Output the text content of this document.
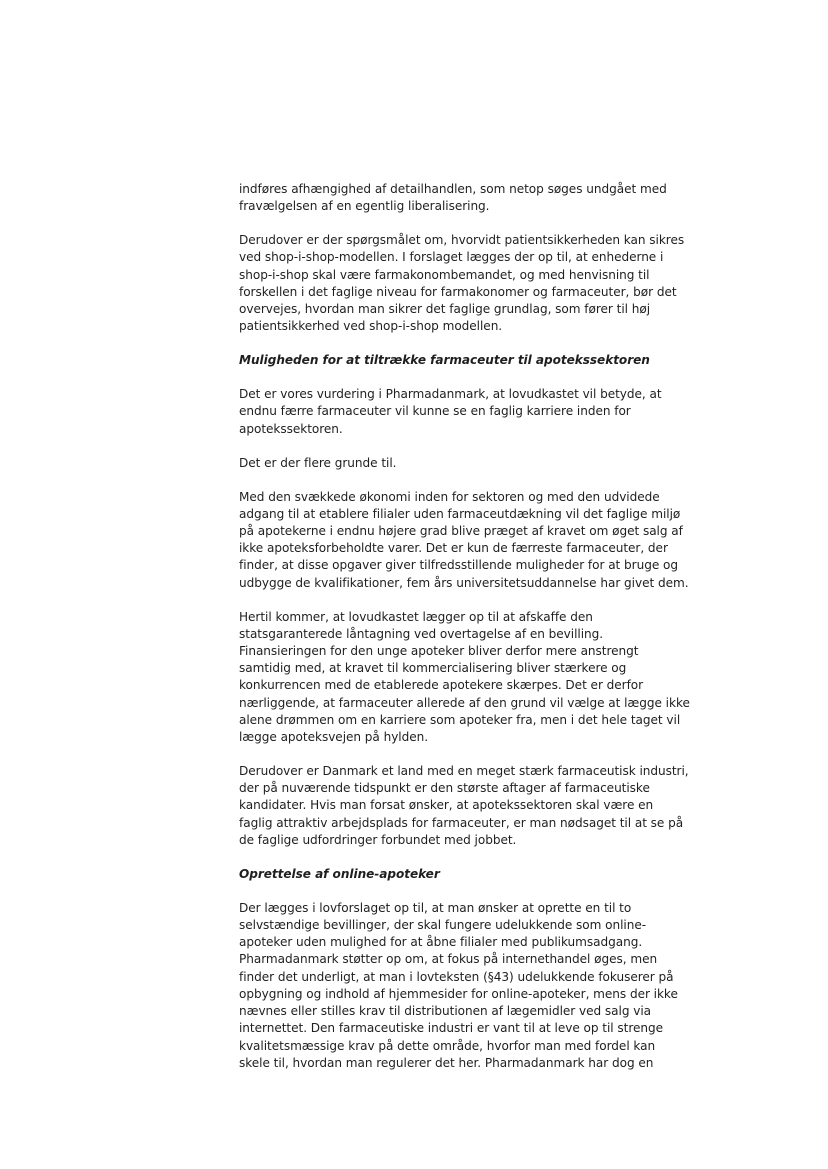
indføres afhængighed af detailhandlen, som netop søges undgået med
fravælgelsen af en egentlig liberalisering.

Derudover er der spørgsmålet om, hvorvidt patientsikkerheden kan sikres
ved shop-i-shop-modellen. I forslaget lægges der op til, at enhederne i
shop-i-shop skal være farmakonombemandet, og med henvisning til
forskellen i det faglige niveau for farmakonomer og farmaceuter, bør det
overvejes, hvordan man sikrer det faglige grundlag, som fører til høj
patientsikkerhed ved shop-i-shop modellen.

Muligheden for at tiltrække farmaceuter til apotekssektoren

Det er vores vurdering i Pharmadanmark, at lovudkastet vil betyde, at
endnu færre farmaceuter vil kunne se en faglig karriere inden for
apotekssektoren.

Det er der flere grunde til.

Med den svækkede økonomi inden for sektoren og med den udvidede
adgang til at etablere filialer uden farmaceutdækning vil det faglige miljø
på apotekerne i endnu højere grad blive præget af kravet om øget salg af
ikke apoteksforbeholdte varer. Det er kun de færreste farmaceuter, der
finder, at disse opgaver giver tilfredsstillende muligheder for at bruge og
udbygge de kvalifikationer, fem års universitetsuddannelse har givet dem.

Hertil kommer, at lovudkastet lægger op til at afskaffe den
statsgaranterede låntagning ved overtagelse af en bevilling.
Finansieringen for den unge apoteker bliver derfor mere anstrengt
samtidig med, at kravet til kommercialisering bliver stærkere og
konkurrencen med de etablerede apotekere skærpes. Det er derfor
nærliggende, at farmaceuter allerede af den grund vil vælge at lægge ikke
alene drømmen om en karriere som apoteker fra, men i det hele taget vil
lægge apoteksvejen på hylden.

Derudover er Danmark et land med en meget stærk farmaceutisk industri,
der på nuværende tidspunkt er den største aftager af farmaceutiske
kandidater. Hvis man forsat ønsker, at apotekssektoren skal være en
faglig attraktiv arbejdsplads for farmaceuter, er man nødsaget til at se på
de faglige udfordringer forbundet med jobbet.

Oprettelse af online-apoteker

Der lægges i lovforslaget op til, at man ønsker at oprette en til to
selvstændige bevillinger, der skal fungere udelukkende som online-
apoteker uden mulighed for at åbne filialer med publikumsadgang.
Pharmadanmark støtter op om, at fokus på internethandel øges, men
finder det underligt, at man i lovteksten (§43) udelukkende fokuserer på
opbygning og indhold af hjemmesider for online-apoteker, mens der ikke
nævnes eller stilles krav til distributionen af lægemidler ved salg via
internettet. Den farmaceutiske industri er vant til at leve op til strenge
kvalitetsmæssige krav på dette område, hvorfor man med fordel kan
skele til, hvordan man regulerer det her. Pharmadanmark har dog en
